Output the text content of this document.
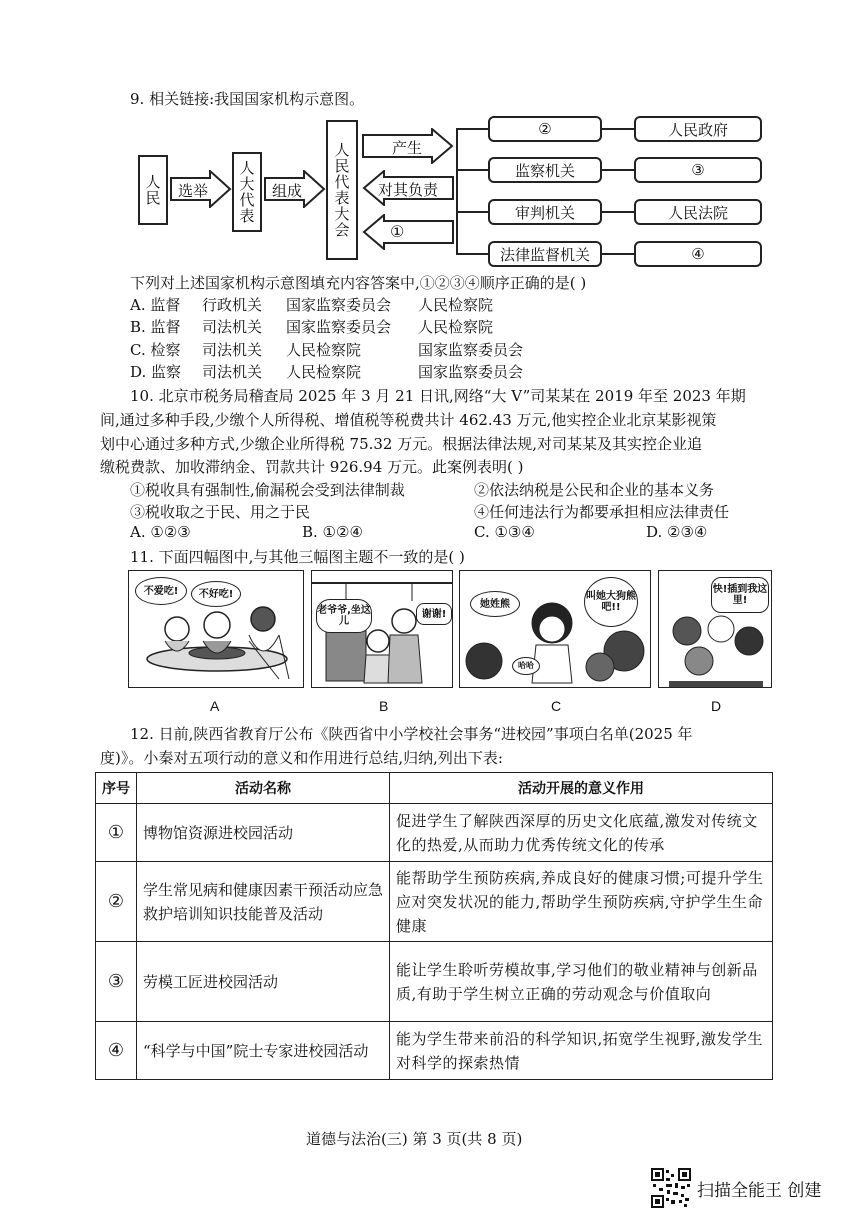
9. 相关链接:我国国家机构示意图。
人民	选举	人大代表	组成	人民代表大会	产生
对其负责
①
②
监察机关
审判机关
法律监督机关
人民政府
③
人民法院
④
下列对上述国家机构示意图填充内容答案中,①②③④顺序正确的是( )
A. 监督 行政机关 国家监察委员会 人民检察院
B. 监督 司法机关 国家监察委员会 人民检察院
C. 检察 司法机关 人民检察院	国家监察委员会
D. 监察 司法机关 人民检察院	国家监察委员会
10. 北京市税务局稽查局 2025 年 3 月 21 日讯,网络“大 V”司某某在 2019 年至 2023 年期
间,通过多种手段,少缴个人所得税、增值税等税费共计 462.43 万元,他实控企业北京某影视策
划中心通过多种方式,少缴企业所得税 75.32 万元。根据法律法规,对司某某及其实控企业追
缴税费款、加收滞纳金、罚款共计 926.94 万元。此案例表明( )
①税收具有强制性,偷漏税会受到法律制裁	②依法纳税是公民和企业的基本义务
③税收取之于民、用之于民	④任何违法行为都要承担相应法律责任
A. ①②③	B. ①②④	C. ①③④	D. ②③④
11. 下面四幅图中,与其他三幅图主题不一致的是( )
不爱吃!	不好吃!
老爷爷,坐这儿
谢谢!
她姓熊
叫她大狗熊吧!!
哈哈
快!插到我这里!
A	B	C	D
12. 日前,陕西省教育厅公布《陕西省中小学校社会事务“进校园”事项白名单(2025 年
度)》。小秦对五项行动的意义和作用进行总结,归纳,列出下表:
序号	活动名称	活动开展的意义作用
①	博物馆资源进校园活动	促进学生了解陕西深厚的历史文化底蕴,激发对传统文化的热爱,从而助力优秀传统文化的传承
②	学生常见病和健康因素干预活动应急救护培训知识技能普及活动	能帮助学生预防疾病,养成良好的健康习惯;可提升学生应对突发状况的能力,帮助学生预防疾病,守护学生生命健康
③	劳模工匠进校园活动	能让学生聆听劳模故事,学习他们的敬业精神与创新品质,有助于学生树立正确的劳动观念与价值取向
④	“科学与中国”院士专家进校园活动	能为学生带来前沿的科学知识,拓宽学生视野,激发学生对科学的探索热情
道德与法治(三) 第 3 页(共 8 页)
扫描全能王 创建
